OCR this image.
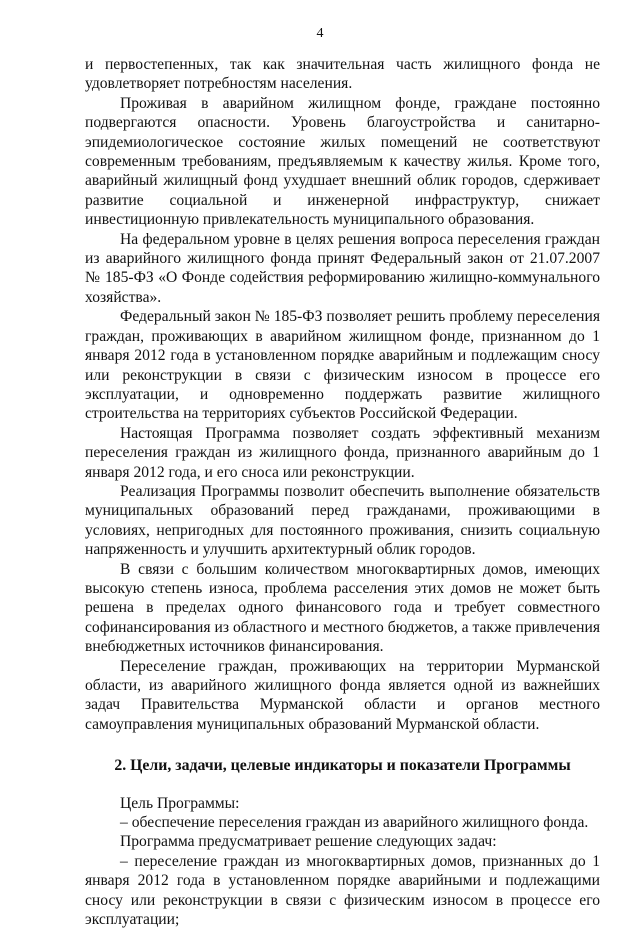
4

и первостепенных, так как значительная часть жилищного фонда не удовлетворяет потребностям населения.

Проживая в аварийном жилищном фонде, граждане постоянно подвергаются опасности. Уровень благоустройства и санитарно-эпидемиологическое состояние жилых помещений не соответствуют современным требованиям, предъявляемым к качеству жилья. Кроме того, аварийный жилищный фонд ухудшает внешний облик городов, сдерживает развитие социальной и инженерной инфраструктур, снижает инвестиционную привлекательность муниципального образования.

На федеральном уровне в целях решения вопроса переселения граждан из аварийного жилищного фонда принят Федеральный закон от 21.07.2007 № 185-ФЗ «О Фонде содействия реформированию жилищно-коммунального хозяйства».

Федеральный закон № 185-ФЗ позволяет решить проблему переселения граждан, проживающих в аварийном жилищном фонде, признанном до 1 января 2012 года в установленном порядке аварийным и подлежащим сносу или реконструкции в связи с физическим износом в процессе его эксплуатации, и одновременно поддержать развитие жилищного строительства на территориях субъектов Российской Федерации.

Настоящая Программа позволяет создать эффективный механизм переселения граждан из жилищного фонда, признанного аварийным до 1 января 2012 года, и его сноса или реконструкции.

Реализация Программы позволит обеспечить выполнение обязательств муниципальных образований перед гражданами, проживающими в условиях, непригодных для постоянного проживания, снизить социальную напряженность и улучшить архитектурный облик городов.

В связи с большим количеством многоквартирных домов, имеющих высокую степень износа, проблема расселения этих домов не может быть решена в пределах одного финансового года и требует совместного софинансирования из областного и местного бюджетов, а также привлечения внебюджетных источников финансирования.

Переселение граждан, проживающих на территории Мурманской области, из аварийного жилищного фонда является одной из важнейших задач Правительства Мурманской области и органов местного самоуправления муниципальных образований Мурманской области.

2. Цели, задачи, целевые индикаторы и показатели Программы

Цель Программы:

– обеспечение переселения граждан из аварийного жилищного фонда.

Программа предусматривает решение следующих задач:

– переселение граждан из многоквартирных домов, признанных до 1 января 2012 года в установленном порядке аварийными и подлежащими сносу или реконструкции в связи с физическим износом в процессе его эксплуатации;
